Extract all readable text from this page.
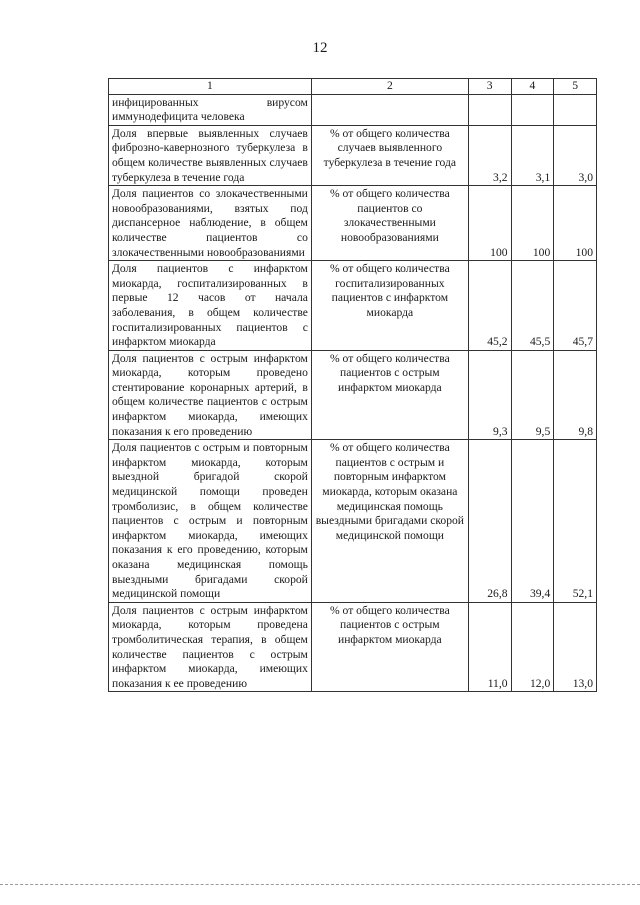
12
1	2	3	4	5
инфицированных вирусом иммунодефицита человека				
Доля впервые выявленных случаев фиброзно-кавернозного туберкулеза в общем количестве выявленных случаев туберкулеза в течение года	% от общего количества случаев выявленного туберкулеза в течение года	3,2	3,1	3,0
Доля пациентов со злокачественными новообразованиями, взятых под диспансерное наблюдение, в общем количестве пациентов со злокачественными новообразованиями	% от общего количества пациентов со злокачественными новообразованиями	100	100	100
Доля пациентов с инфарктом миокарда, госпитализированных в первые 12 часов от начала заболевания, в общем количестве госпитализированных пациентов с инфарктом миокарда	% от общего количества госпитализированных пациентов с инфарктом миокарда	45,2	45,5	45,7
Доля пациентов с острым инфарктом миокарда, которым проведено стентирование коронарных артерий, в общем количестве пациентов с острым инфарктом миокарда, имеющих показания к его проведению	% от общего количества пациентов с острым инфарктом миокарда	9,3	9,5	9,8
Доля пациентов с острым и повторным инфарктом миокарда, которым выездной бригадой скорой медицинской помощи проведен тромболизис, в общем количестве пациентов с острым и повторным инфарктом миокарда, имеющих показания к его проведению, которым оказана медицинская помощь выездными бригадами скорой медицинской помощи	% от общего количества пациентов с острым и повторным инфарктом миокарда, которым оказана медицинская помощь выездными бригадами скорой медицинской помощи	26,8	39,4	52,1
Доля пациентов с острым инфарктом миокарда, которым проведена тромболитическая терапия, в общем количестве пациентов с острым инфарктом миокарда, имеющих показания к ее проведению	% от общего количества пациентов с острым инфарктом миокарда	11,0	12,0	13,0
